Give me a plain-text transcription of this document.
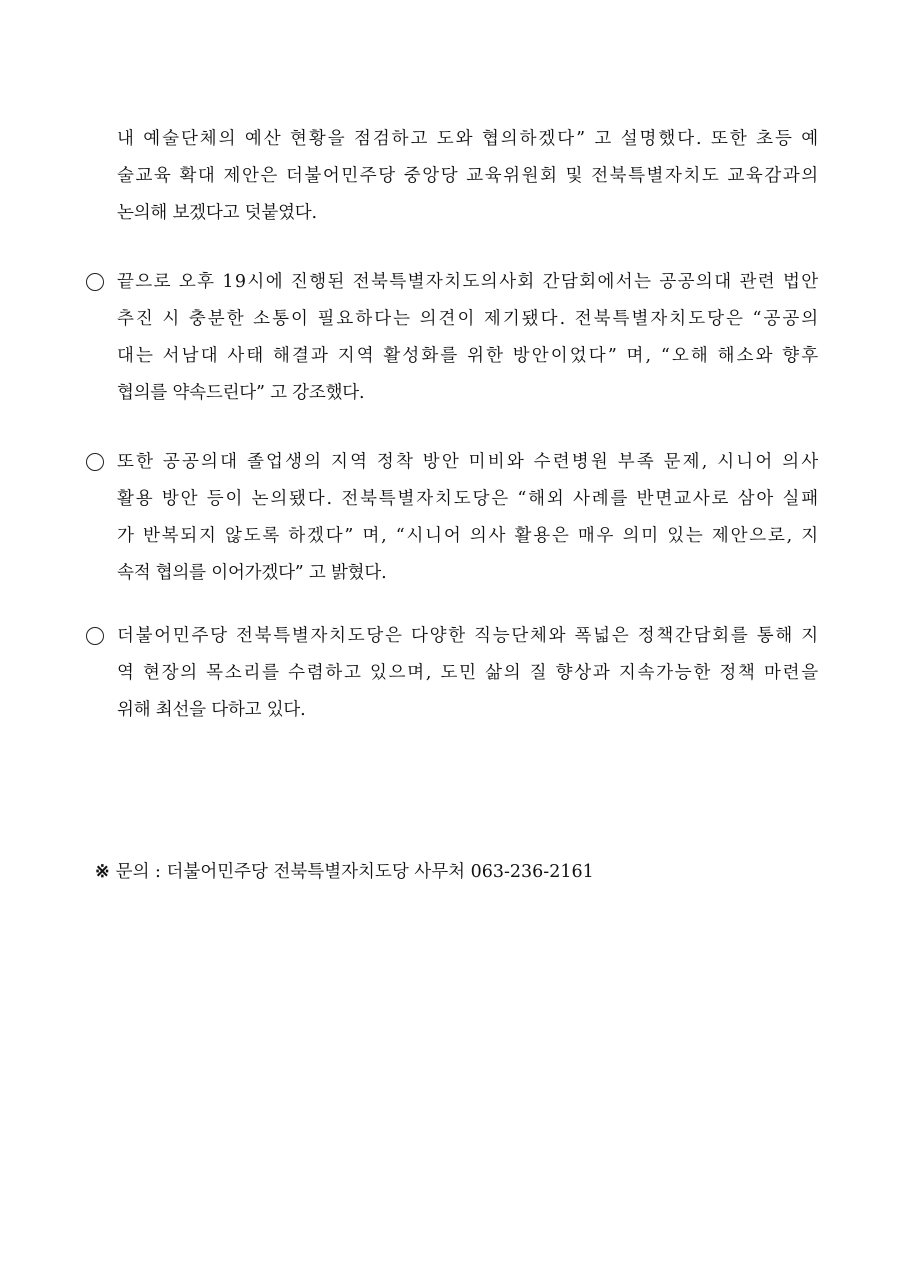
내 예술단체의 예산 현황을 점검하고 도와 협의하겠다” 고 설명했다. 또한 초등 예
술교육 확대 제안은 더불어민주당 중앙당 교육위원회 및 전북특별자치도 교육감과의
논의해 보겠다고 덧붙였다.
끝으로 오후 19시에 진행된 전북특별자치도의사회 간담회에서는 공공의대 관련 법안
추진 시 충분한 소통이 필요하다는 의견이 제기됐다. 전북특별자치도당은 “공공의
대는 서남대 사태 해결과 지역 활성화를 위한 방안이었다” 며, “오해 해소와 향후
협의를 약속드린다” 고 강조했다.
또한 공공의대 졸업생의 지역 정착 방안 미비와 수련병원 부족 문제, 시니어 의사
활용 방안 등이 논의됐다. 전북특별자치도당은 “해외 사례를 반면교사로 삼아 실패
가 반복되지 않도록 하겠다” 며, “시니어 의사 활용은 매우 의미 있는 제안으로, 지
속적 협의를 이어가겠다” 고 밝혔다.
더불어민주당 전북특별자치도당은 다양한 직능단체와 폭넓은 정책간담회를 통해 지
역 현장의 목소리를 수렴하고 있으며, 도민 삶의 질 향상과 지속가능한 정책 마련을
위해 최선을 다하고 있다.
※ 문의 : 더불어민주당 전북특별자치도당 사무처 063-236-2161
